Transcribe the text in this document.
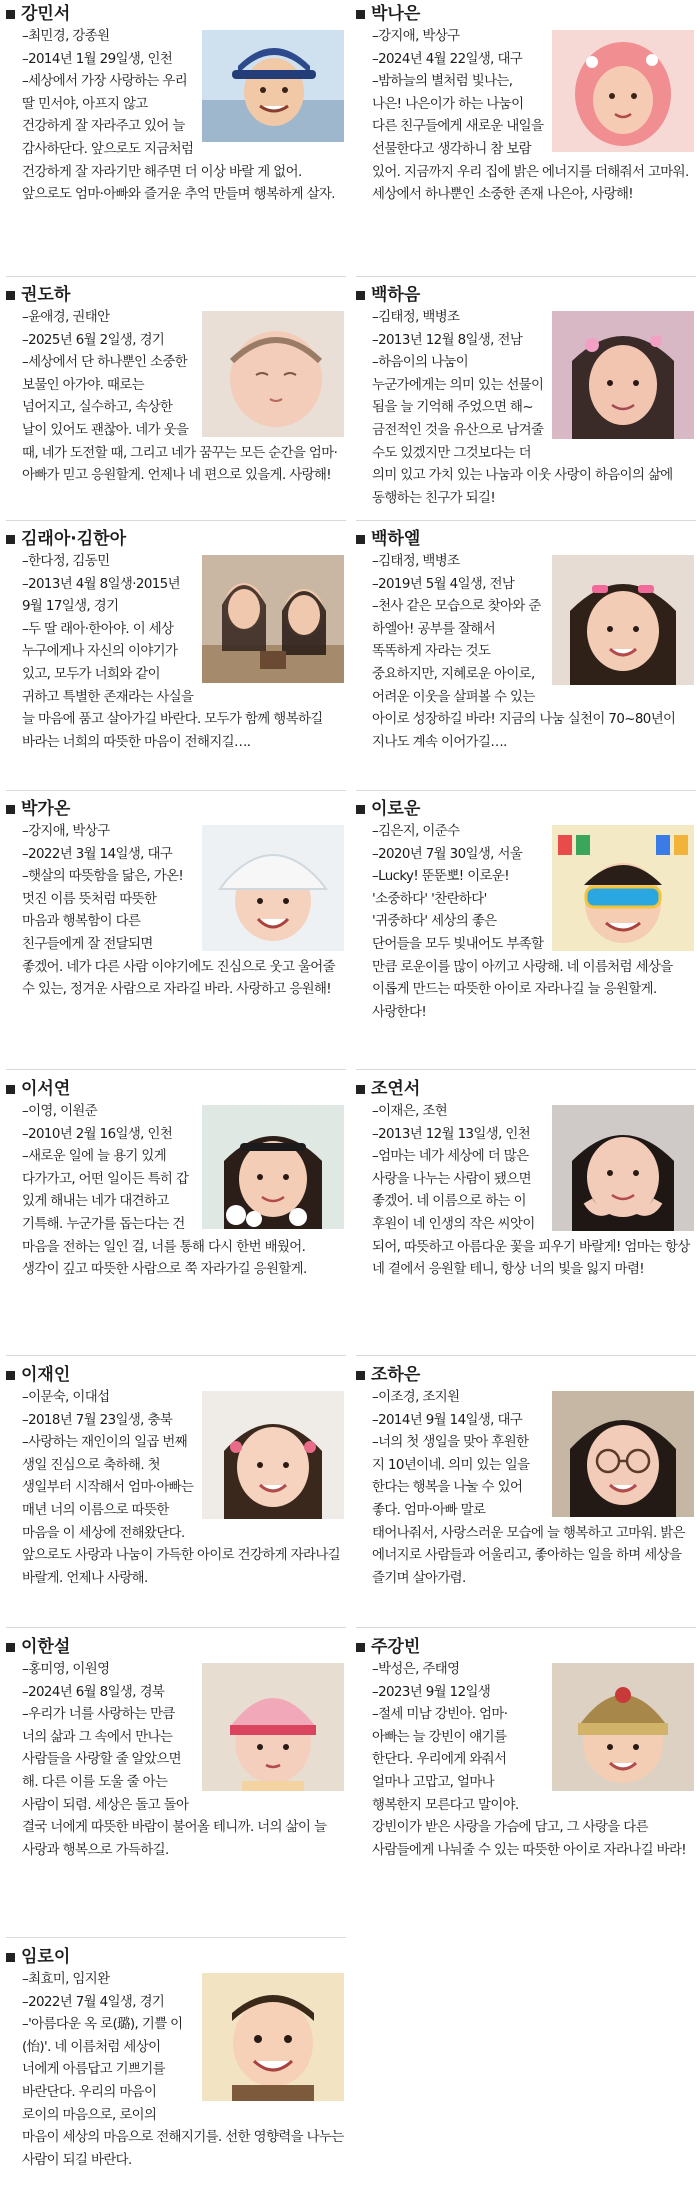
강민서

–최민경, 강종원

–2014년 1월 29일생, 인천

–세상에서 가장 사랑하는 우리 딸 민서야, 아프지 않고 건강하게 잘 자라주고 있어 늘 감사하단다. 앞으로도 지금처럼 건강하게 잘 자라기만 해주면 더 이상 바랄 게 없어. 앞으로도 엄마·아빠와 즐거운 추억 만들며 행복하게 살자.

박나은

–강지애, 박상구

–2024년 4월 22일생, 대구

–밤하늘의 별처럼 빛나는, 나은! 나은이가 하는 나눔이 다른 친구들에게 새로운 내일을 선물한다고 생각하니 참 보람 있어. 지금까지 우리 집에 밝은 에너지를 더해줘서 고마워. 세상에서 하나뿐인 소중한 존재 나은아, 사랑해!

권도하

–윤애경, 권태안

–2025년 6월 2일생, 경기

–세상에서 단 하나뿐인 소중한 보물인 아가야. 때로는 넘어지고, 실수하고, 속상한 날이 있어도 괜찮아. 네가 웃을 때, 네가 도전할 때, 그리고 네가 꿈꾸는 모든 순간을 엄마·아빠가 믿고 응원할게. 언제나 네 편으로 있을게. 사랑해!

백하음

–김태정, 백병조

–2013년 12월 8일생, 전남

–하음이의 나눔이 누군가에게는 의미 있는 선물이 됨을 늘 기억해 주었으면 해~ 금전적인 것을 유산으로 남겨줄 수도 있겠지만 그것보다는 더 의미 있고 가치 있는 나눔과 이웃 사랑이 하음이의 삶에 동행하는 친구가 되길!

김래아·김한아

–한다정, 김동민

–2013년 4월 8일생·2015년 9월 17일생, 경기

–두 딸 래아·한아야. 이 세상 누구에게나 자신의 이야기가 있고, 모두가 너희와 같이 귀하고 특별한 존재라는 사실을 늘 마음에 품고 살아가길 바란다. 모두가 함께 행복하길 바라는 너희의 따뜻한 마음이 전해지길….

백하엘

–김태정, 백병조

–2019년 5월 4일생, 전남

–천사 같은 모습으로 찾아와 준 하엘아! 공부를 잘해서 똑똑하게 자라는 것도 중요하지만, 지혜로운 아이로, 어려운 이웃을 살펴볼 수 있는 아이로 성장하길 바라! 지금의 나눔 실천이 70~80년이 지나도 계속 이어가길….

박가온

–강지애, 박상구

–2022년 3월 14일생, 대구

–햇살의 따뜻함을 닮은, 가온! 멋진 이름 뜻처럼 따뜻한 마음과 행복함이 다른 친구들에게 잘 전달되면 좋겠어. 네가 다른 사람 이야기에도 진심으로 웃고 울어줄 수 있는, 정겨운 사람으로 자라길 바라. 사랑하고 응원해!

이로운

–김은지, 이준수

–2020년 7월 30일생, 서울

–Lucky! 뚠뚠뽀! 이로운! '소중하다' '찬란하다' '귀중하다' 세상의 좋은 단어들을 모두 빛내어도 부족할 만큼 로운이를 많이 아끼고 사랑해. 네 이름처럼 세상을 이롭게 만드는 따뜻한 아이로 자라나길 늘 응원할게. 사랑한다!

이서연

–이영, 이원준

–2010년 2월 16일생, 인천

–새로운 일에 늘 용기 있게 다가가고, 어떤 일이든 특히 갑 있게 해내는 네가 대견하고 기특해. 누군가를 돕는다는 건 마음을 전하는 일인 걸, 너를 통해 다시 한번 배웠어. 생각이 깊고 따뜻한 사람으로 쭉 자라가길 응원할게.

조연서

–이재은, 조현

–2013년 12월 13일생, 인천

–엄마는 네가 세상에 더 많은 사랑을 나누는 사람이 됐으면 좋겠어. 네 이름으로 하는 이 후원이 네 인생의 작은 씨앗이 되어, 따뜻하고 아름다운 꽃을 피우기 바랄게! 엄마는 항상 네 곁에서 응원할 테니, 항상 너의 빛을 잃지 마렴!

이재인

–이문숙, 이대섭

–2018년 7월 23일생, 충북

–사랑하는 재인이의 일곱 번째 생일 진심으로 축하해. 첫 생일부터 시작해서 엄마·아빠는 매년 너의 이름으로 따뜻한 마음을 이 세상에 전해왔단다. 앞으로도 사랑과 나눔이 가득한 아이로 건강하게 자라나길 바랄게. 언제나 사랑해.

조하은

–이조경, 조지원

–2014년 9월 14일생, 대구

–너의 첫 생일을 맞아 후원한 지 10년이네. 의미 있는 일을 한다는 행복을 나눌 수 있어 좋다. 엄마·아빠 말로 태어나줘서, 사랑스러운 모습에 늘 행복하고 고마워. 밝은 에너지로 사람들과 어울리고, 좋아하는 일을 하며 세상을 즐기며 살아가렴.

이한설

–홍미영, 이원영

–2024년 6월 8일생, 경북

–우리가 너를 사랑하는 만큼 너의 삶과 그 속에서 만나는 사람들을 사랑할 줄 알았으면 해. 다른 이를 도울 줄 아는 사람이 되렴. 세상은 돌고 돌아 결국 너에게 따뜻한 바람이 불어올 테니까. 너의 삶이 늘 사랑과 행복으로 가득하길.

주강빈

–박성은, 주태영

–2023년 9월 12일생

–절세 미남 강빈아. 엄마·아빠는 늘 강빈이 얘기를 한단다. 우리에게 와줘서 얼마나 고맙고, 얼마나 행복한지 모른다고 말이야. 강빈이가 받은 사랑을 가슴에 담고, 그 사랑을 다른 사람들에게 나눠줄 수 있는 따뜻한 아이로 자라나길 바라!

임로이

–최효미, 임지완

–2022년 7월 4일생, 경기

–'아름다운 옥 로(璐), 기쁠 이(怡)'. 네 이름처럼 세상이 너에게 아름답고 기쁘기를 바란단다. 우리의 마음이 로이의 마음으로, 로이의 마음이 세상의 마음으로 전해지기를. 선한 영향력을 나누는 사람이 되길 바란다.
